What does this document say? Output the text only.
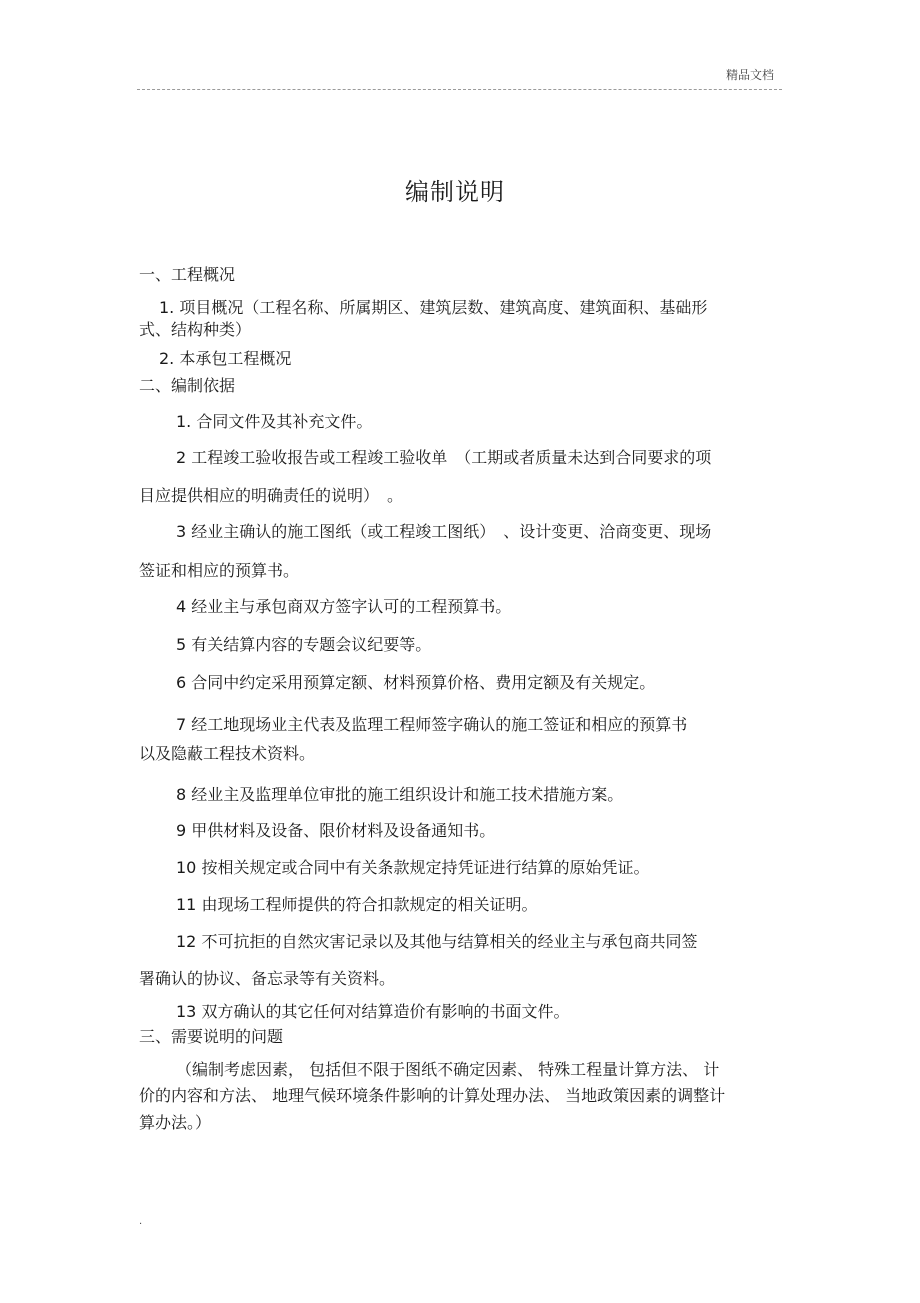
精品文档
编制说明
一、工程概况
1. 项目概况（工程名称、所属期区、建筑层数、建筑高度、建筑面积、基础形
式、结构种类）
2. 本承包工程概况
二、编制依据
1. 合同文件及其补充文件。
2 工程竣工验收报告或工程竣工验收单　（工期或者质量未达到合同要求的项
目应提供相应的明确责任的说明）　。
3 经业主确认的施工图纸（或工程竣工图纸）　、设计变更、洽商变更、现场
签证和相应的预算书。
4 经业主与承包商双方签字认可的工程预算书。
5 有关结算内容的专题会议纪要等。
6 合同中约定采用预算定额、材料预算价格、费用定额及有关规定。
7 经工地现场业主代表及监理工程师签字确认的施工签证和相应的预算书
以及隐蔽工程技术资料。
8 经业主及监理单位审批的施工组织设计和施工技术措施方案。
9 甲供材料及设备、限价材料及设备通知书。
10 按相关规定或合同中有关条款规定持凭证进行结算的原始凭证。
11 由现场工程师提供的符合扣款规定的相关证明。
12 不可抗拒的自然灾害记录以及其他与结算相关的经业主与承包商共同签
署确认的协议、备忘录等有关资料。
13 双方确认的其它任何对结算造价有影响的书面文件。
三、需要说明的问题
（编制考虑因素， 包括但不限于图纸不确定因素、 特殊工程量计算方法、 计
价的内容和方法、 地理气候环境条件影响的计算处理办法、 当地政策因素的调整计
算办法。）
.
